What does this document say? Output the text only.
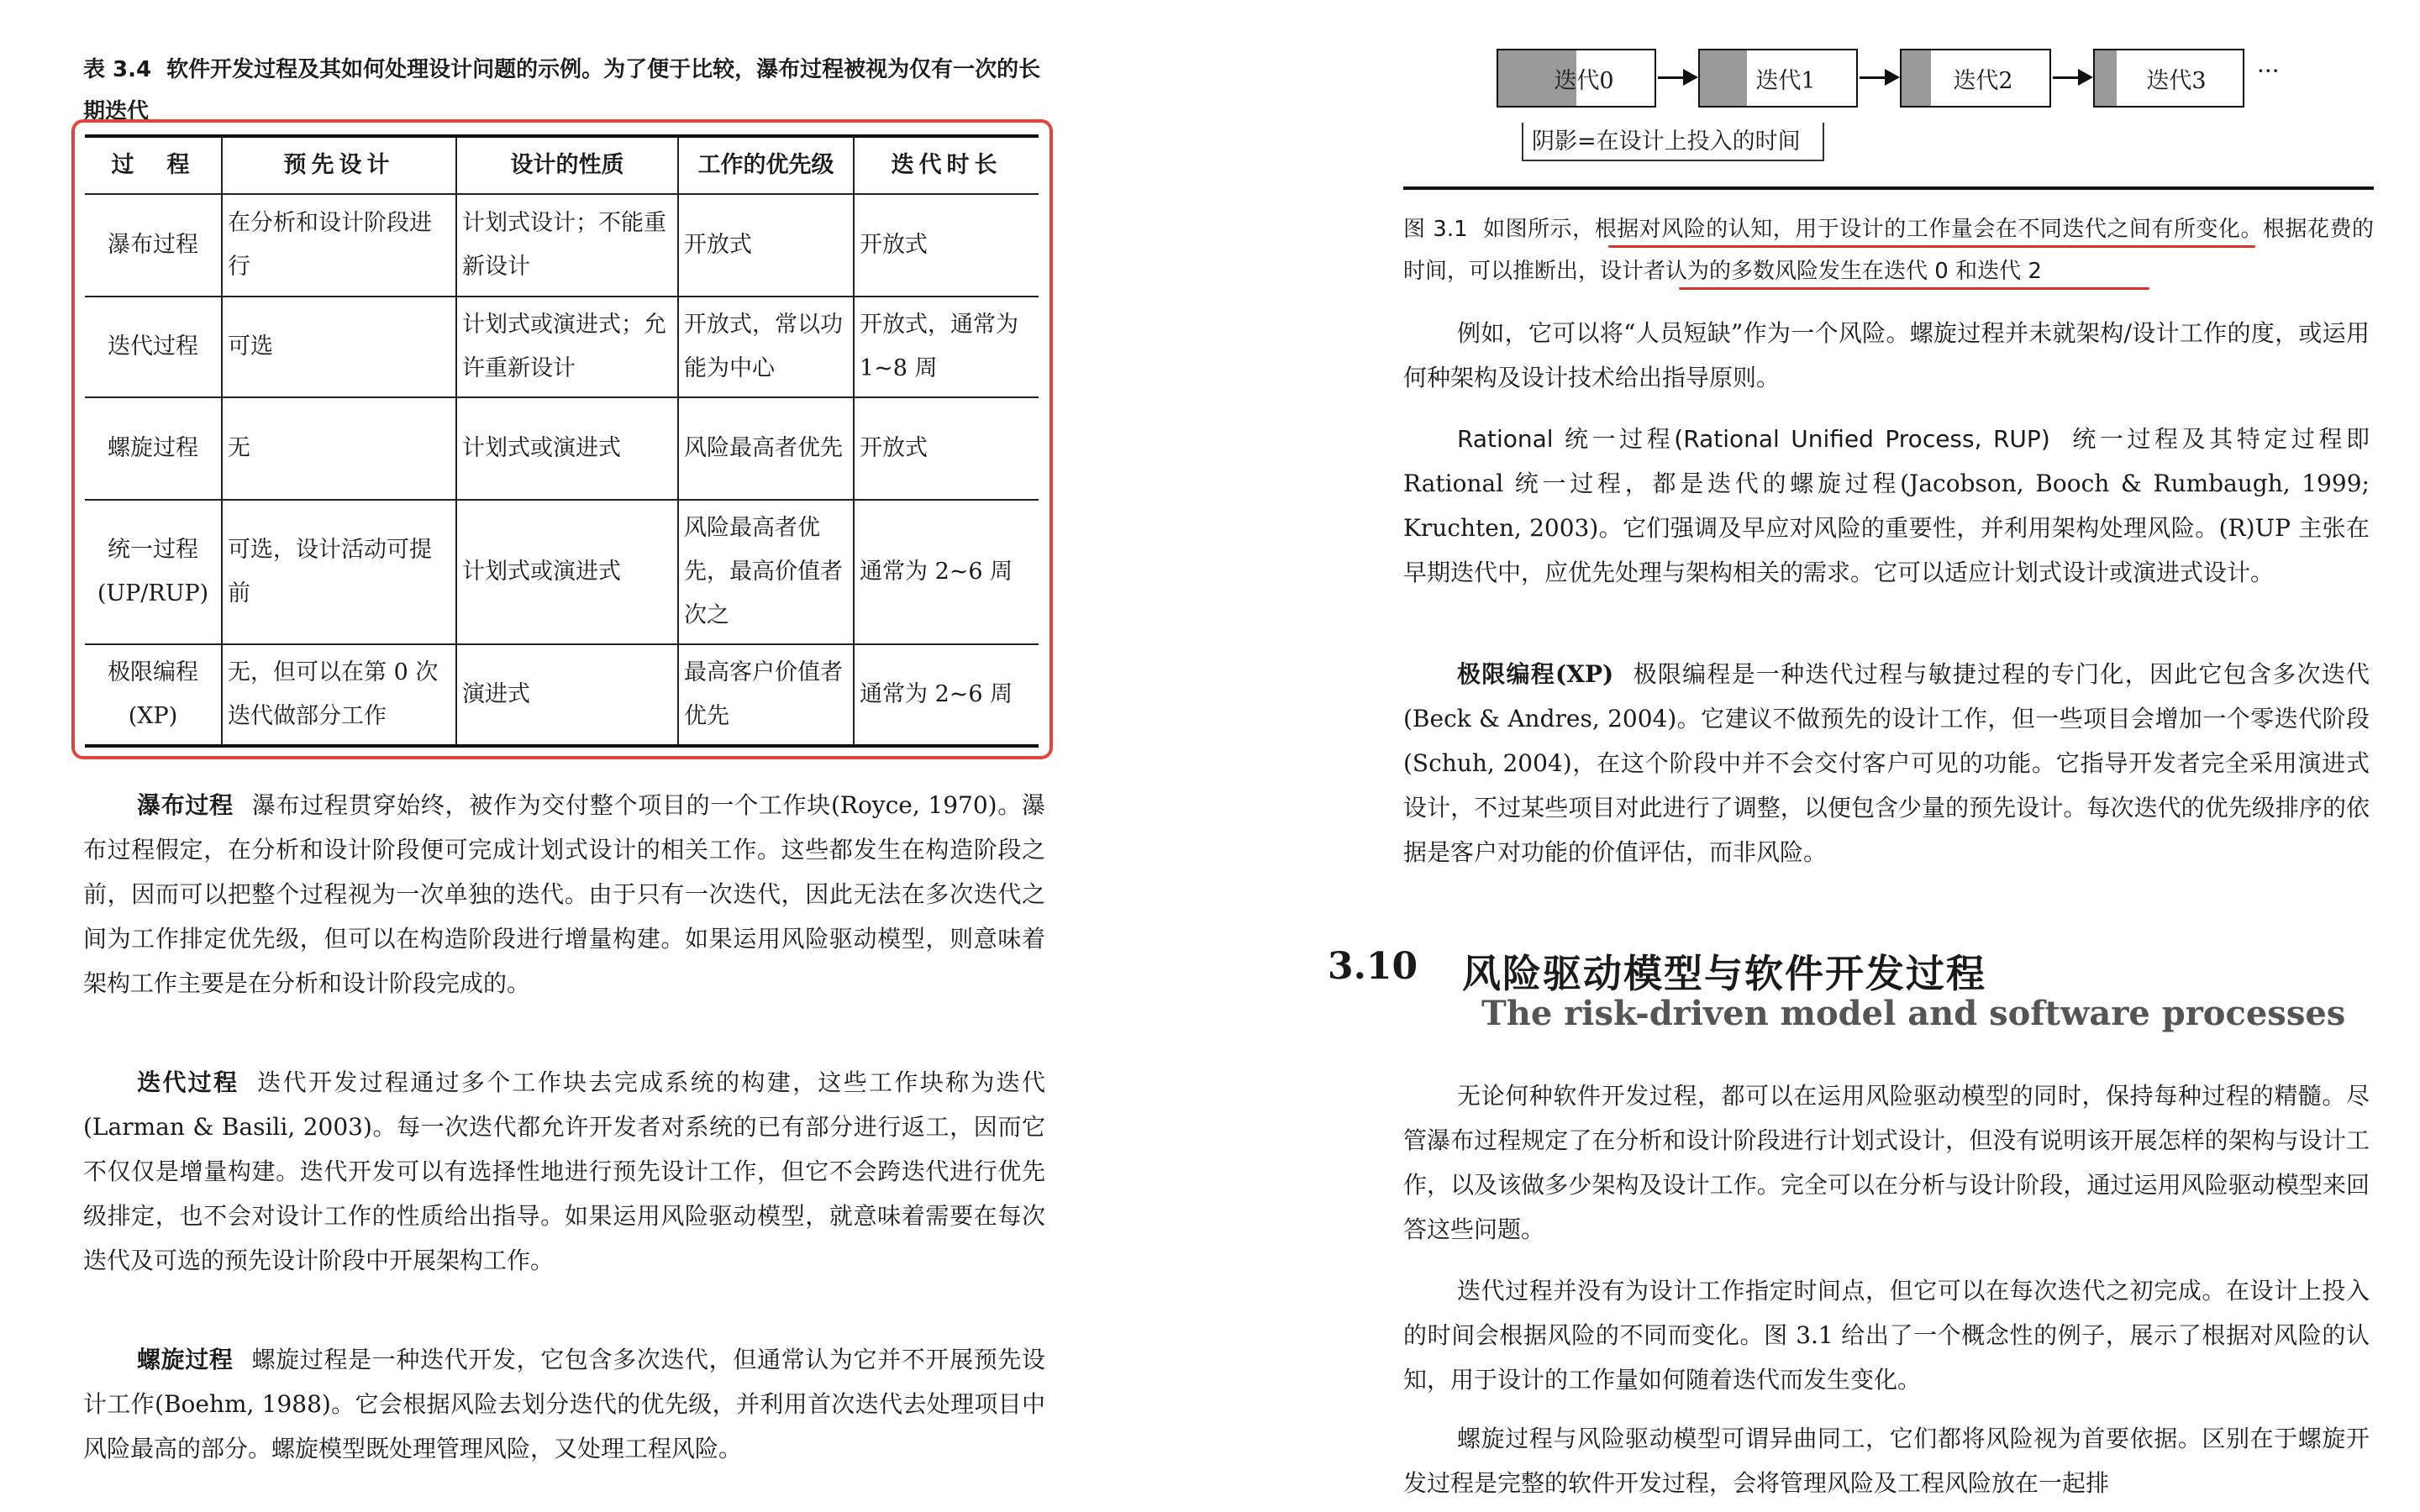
表 3.4 软件开发过程及其如何处理设计问题的示例。为了便于比较，瀑布过程被视为仅有一次的长期迭代
过　程	预先设计	设计的性质	工作的优先级	迭代时长
瀑布过程	在分析和设计阶段进行	计划式设计；不能重新设计	开放式	开放式
迭代过程	可选	计划式或演进式；允许重新设计	开放式，常以功能为中心	开放式，通常为 1~8 周
螺旋过程	无	计划式或演进式	风险最高者优先	开放式
统一过程(UP/RUP)	可选，设计活动可提前	计划式或演进式	风险最高者优先，最高价值者次之	通常为 2~6 周
极限编程(XP)	无，但可以在第 0 次迭代做部分工作	演进式	最高客户价值者优先	通常为 2~6 周

瀑布过程 瀑布过程贯穿始终，被作为交付整个项目的一个工作块(Royce, 1970)。瀑布过程假定，在分析和设计阶段便可完成计划式设计的相关工作。这些都发生在构造阶段之前，因而可以把整个过程视为一次单独的迭代。由于只有一次迭代，因此无法在多次迭代之间为工作排定优先级，但可以在构造阶段进行增量构建。如果运用风险驱动模型，则意味着架构工作主要是在分析和设计阶段完成的。

迭代过程 迭代开发过程通过多个工作块去完成系统的构建，这些工作块称为迭代(Larman & Basili, 2003)。每一次迭代都允许开发者对系统的已有部分进行返工，因而它不仅仅是增量构建。迭代开发可以有选择性地进行预先设计工作，但它不会跨迭代进行优先级排定，也不会对设计工作的性质给出指导。如果运用风险驱动模型，就意味着需要在每次迭代及可选的预先设计阶段中开展架构工作。

螺旋过程 螺旋过程是一种迭代开发，它包含多次迭代，但通常认为它并不开展预先设计工作(Boehm, 1988)。它会根据风险去划分迭代的优先级，并利用首次迭代去处理项目中风险最高的部分。螺旋模型既处理管理风险，又处理工程风险。

迭代0	迭代1	迭代2	迭代3 ···
阴影=在设计上投入的时间
图 3.1 如图所示，根据对风险的认知，用于设计的工作量会在不同迭代之间有所变化。根据花费的时间，可以推断出，设计者认为的多数风险发生在迭代 0 和迭代 2

例如，它可以将“人员短缺”作为一个风险。螺旋过程并未就架构/设计工作的度，或运用何种架构及设计技术给出指导原则。

Rational 统一过程(Rational Unified Process, RUP) 统一过程及其特定过程即 Rational 统一过程，都是迭代的螺旋过程(Jacobson, Booch & Rumbaugh, 1999; Kruchten, 2003)。它们强调及早应对风险的重要性，并利用架构处理风险。(R)UP 主张在早期迭代中，应优先处理与架构相关的需求。它可以适应计划式设计或演进式设计。

极限编程(XP) 极限编程是一种迭代过程与敏捷过程的专门化，因此它包含多次迭代(Beck & Andres, 2004)。它建议不做预先的设计工作，但一些项目会增加一个零迭代阶段(Schuh, 2004)，在这个阶段中并不会交付客户可见的功能。它指导开发者完全采用演进式设计，不过某些项目对此进行了调整，以便包含少量的预先设计。每次迭代的优先级排序的依据是客户对功能的价值评估，而非风险。

3.10 风险驱动模型与软件开发过程
The risk-driven model and software processes

无论何种软件开发过程，都可以在运用风险驱动模型的同时，保持每种过程的精髓。尽管瀑布过程规定了在分析和设计阶段进行计划式设计，但没有说明该开展怎样的架构与设计工作，以及该做多少架构及设计工作。完全可以在分析与设计阶段，通过运用风险驱动模型来回答这些问题。

迭代过程并没有为设计工作指定时间点，但它可以在每次迭代之初完成。在设计上投入的时间会根据风险的不同而变化。图 3.1 给出了一个概念性的例子，展示了根据对风险的认知，用于设计的工作量如何随着迭代而发生变化。

螺旋过程与风险驱动模型可谓异曲同工，它们都将风险视为首要依据。区别在于螺旋开发过程是完整的软件开发过程，会将管理风险及工程风险放在一起排
